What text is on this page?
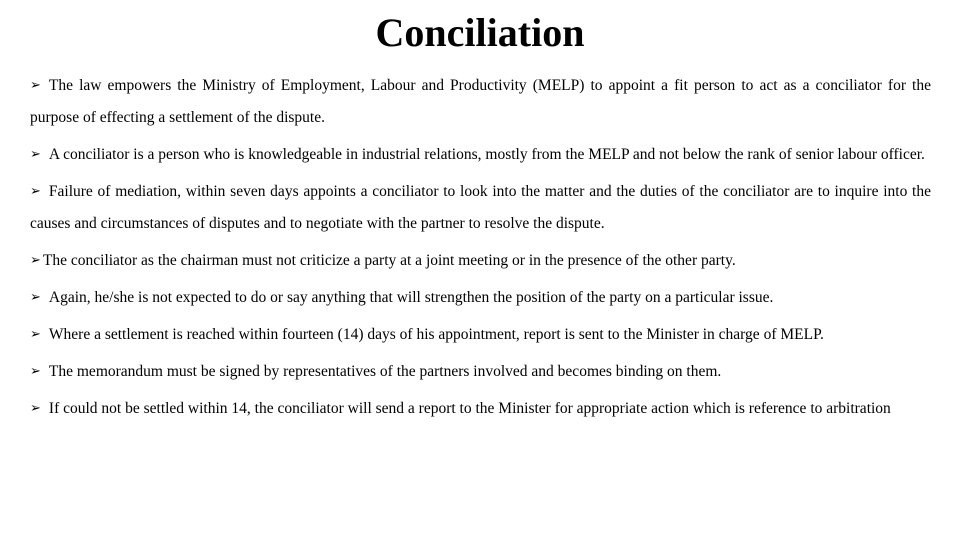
Conciliation
➢ The law empowers the Ministry of Employment, Labour and Productivity (MELP) to appoint a fit person to act as a conciliator for the purpose of effecting a settlement of the dispute.
➢ A conciliator is a person who is knowledgeable in industrial relations, mostly from the MELP and not below the rank of senior labour officer.
➢ Failure of mediation, within seven days appoints a conciliator to look into the matter and the duties of the conciliator are to inquire into the causes and circumstances of disputes and to negotiate with the partner to resolve the dispute.
➢ The conciliator as the chairman must not criticize a party at a joint meeting or in the presence of the other party.
➢ Again, he/she is not expected to do or say anything that will strengthen the position of the party on a particular issue.
➢ Where a settlement is reached within fourteen (14) days of his appointment, report is sent to the Minister in charge of MELP.
➢ The memorandum must be signed by representatives of the partners involved and becomes binding on them.
➢ If could not be settled within 14, the conciliator will send a report to the Minister for appropriate action which is reference to arbitration
